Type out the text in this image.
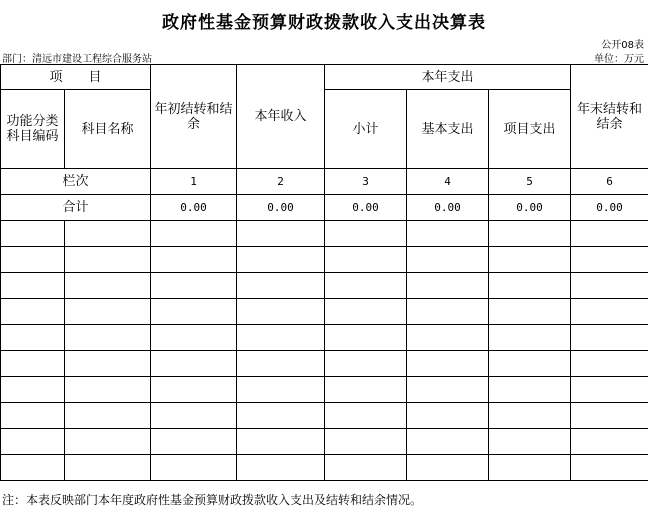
政府性基金预算财政拨款收入支出决算表
公开08表
部门：清远市建设工程综合服务站	单位：万元
项　　目		年初结转和结余	本年收入	本年支出			年末结转和结余
功能分类科目编码	科目名称			小计	基本支出	项目支出	
栏次		1	2	3	4	5	6
合计		0.00	0.00	0.00	0.00	0.00	0.00

注：本表反映部门本年度政府性基金预算财政拨款收入支出及结转和结余情况。
